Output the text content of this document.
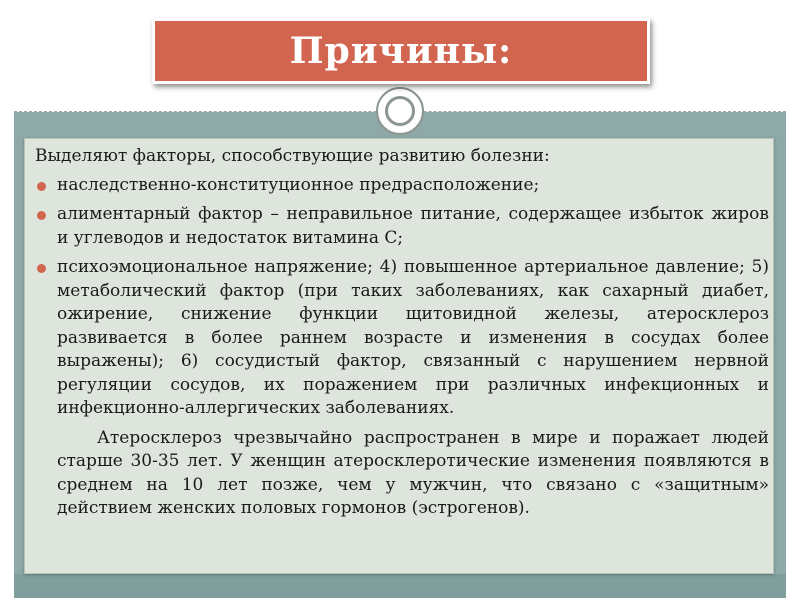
Причины:

Выделяют факторы, способствующие развитию болезни:

наследственно-конституционное предрасположение;
алиментарный фактор – неправильное питание, содержащее избыток жиров и углеводов и недостаток витамина С;
психоэмоциональное напряжение; 4) повышенное артериальное давление; 5) метаболический фактор (при таких заболеваниях, как сахарный диабет, ожирение, снижение функции щитовидной железы, атеросклероз развивается в более раннем возрасте и изменения в сосудах более выражены); 6) сосудистый фактор, связанный с нарушением нервной регуляции сосудов, их поражением при различных инфекционных и инфекционно-аллергических заболеваниях.

Атеросклероз чрезвычайно распространен в мире и поражает людей старше 30-35 лет. У женщин атеросклеротические изменения появляются в среднем на 10 лет позже, чем у мужчин, что связано с «защитным» действием женских половых гормонов (эстрогенов).
